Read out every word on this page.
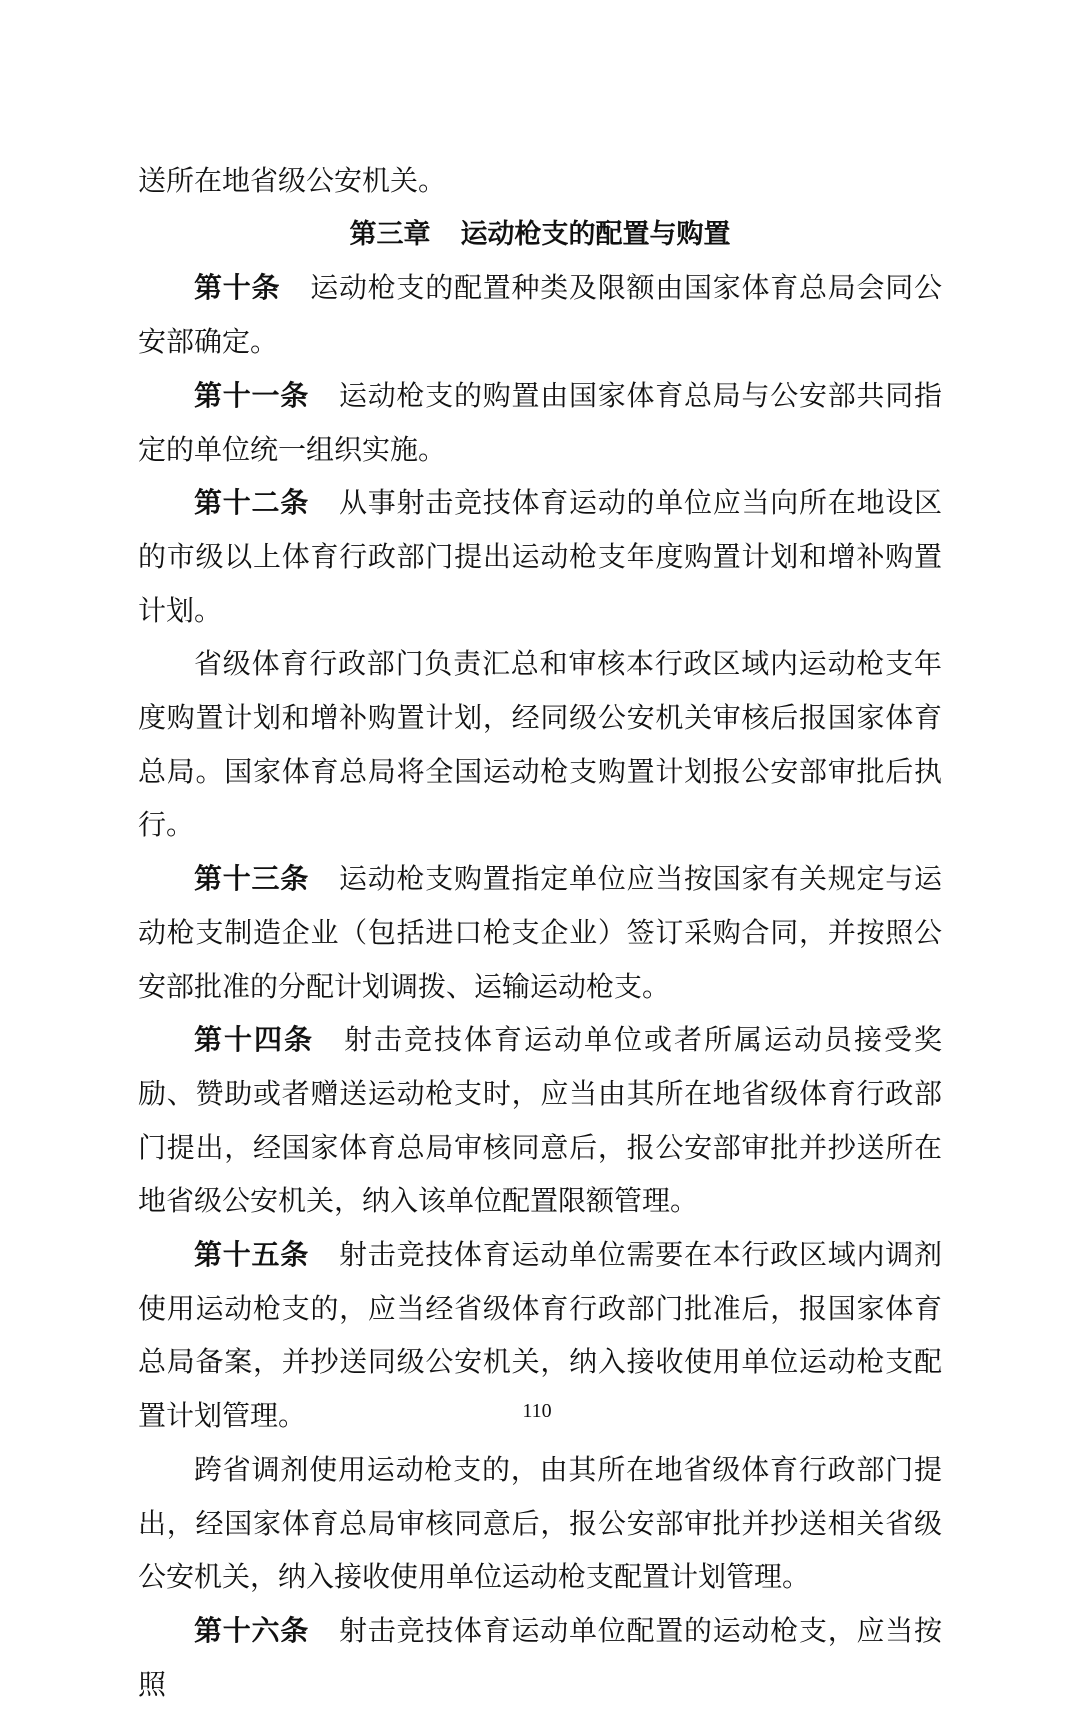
送所在地省级公安机关。

第三章 运动枪支的配置与购置

第十条 运动枪支的配置种类及限额由国家体育总局会同公安部确定。

第十一条 运动枪支的购置由国家体育总局与公安部共同指定的单位统一组织实施。

第十二条 从事射击竞技体育运动的单位应当向所在地设区的市级以上体育行政部门提出运动枪支年度购置计划和增补购置计划。

省级体育行政部门负责汇总和审核本行政区域内运动枪支年度购置计划和增补购置计划，经同级公安机关审核后报国家体育总局。国家体育总局将全国运动枪支购置计划报公安部审批后执行。

第十三条 运动枪支购置指定单位应当按国家有关规定与运动枪支制造企业（包括进口枪支企业）签订采购合同，并按照公安部批准的分配计划调拨、运输运动枪支。

第十四条 射击竞技体育运动单位或者所属运动员接受奖励、赞助或者赠送运动枪支时，应当由其所在地省级体育行政部门提出，经国家体育总局审核同意后，报公安部审批并抄送所在地省级公安机关，纳入该单位配置限额管理。

第十五条 射击竞技体育运动单位需要在本行政区域内调剂使用运动枪支的，应当经省级体育行政部门批准后，报国家体育总局备案，并抄送同级公安机关，纳入接收使用单位运动枪支配置计划管理。

跨省调剂使用运动枪支的，由其所在地省级体育行政部门提出，经国家体育总局审核同意后，报公安部审批并抄送相关省级公安机关，纳入接收使用单位运动枪支配置计划管理。

第十六条 射击竞技体育运动单位配置的运动枪支，应当按照

110
